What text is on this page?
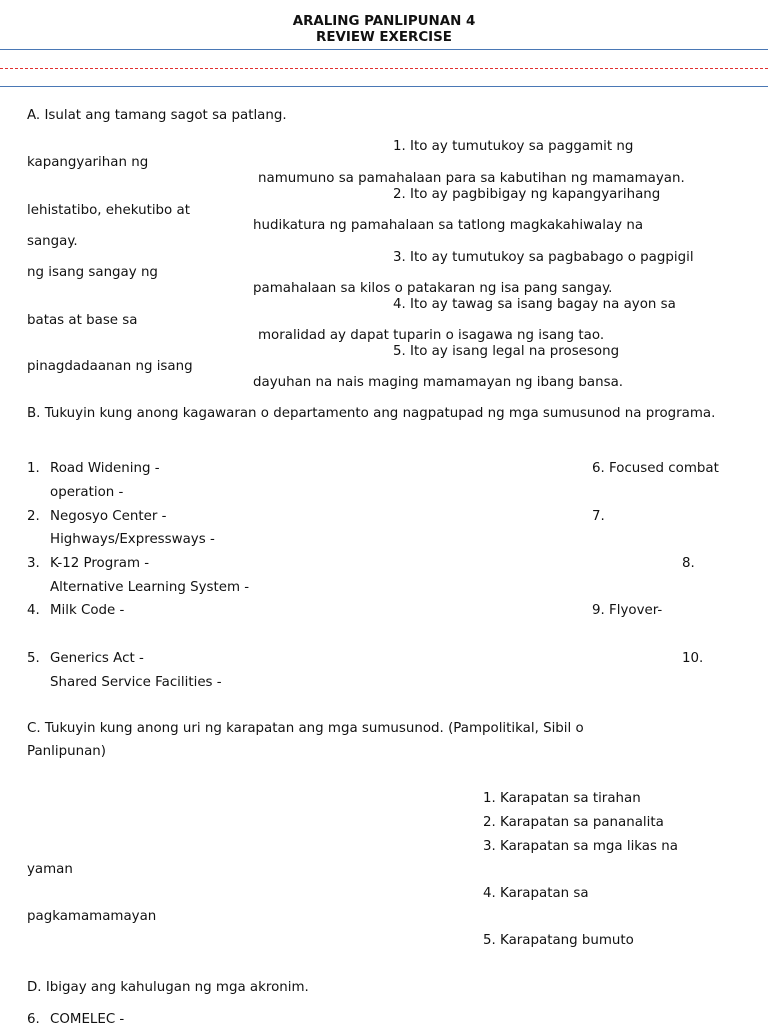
ARALING PANLIPUNAN 4
REVIEW EXERCISE
A. Isulat ang tamang sagot sa patlang.
1. Ito ay tumutukoy sa paggamit ng
kapangyarihan ng
namumuno sa pamahalaan para sa kabutihan ng mamamayan.
2. Ito ay pagbibigay ng kapangyarihang
lehistatibo, ehekutibo at
hudikatura ng pamahalaan sa tatlong magkakahiwalay na
sangay.
3. Ito ay tumutukoy sa pagbabago o pagpigil
ng isang sangay ng
pamahalaan sa kilos o patakaran ng isa pang sangay.
4. Ito ay tawag sa isang bagay na ayon sa
batas at base sa
moralidad ay dapat tuparin o isagawa ng isang tao.
5. Ito ay isang legal na prosesong
pinagdadaanan ng isang
dayuhan na nais maging mamamayan ng ibang bansa.
B. Tukuyin kung anong kagawaran o departamento ang nagpatupad ng mga sumusunod na programa.
1. Road Widening -	6. Focused combat
operation -
2. Negosyo Center -	7.
Highways/Expressways -
3. K-12 Program -	8.
Alternative Learning System -
4. Milk Code -	9. Flyover-
5. Generics Act -	10.
Shared Service Facilities -
C. Tukuyin kung anong uri ng karapatan ang mga sumusunod. (Pampolitikal, Sibil o
Panlipunan)
1. Karapatan sa tirahan
2. Karapatan sa pananalita
3. Karapatan sa mga likas na
yaman
4. Karapatan sa
pagkamamamayan
5. Karapatang bumuto
D. Ibigay ang kahulugan ng mga akronim.
6. COMELEC -
